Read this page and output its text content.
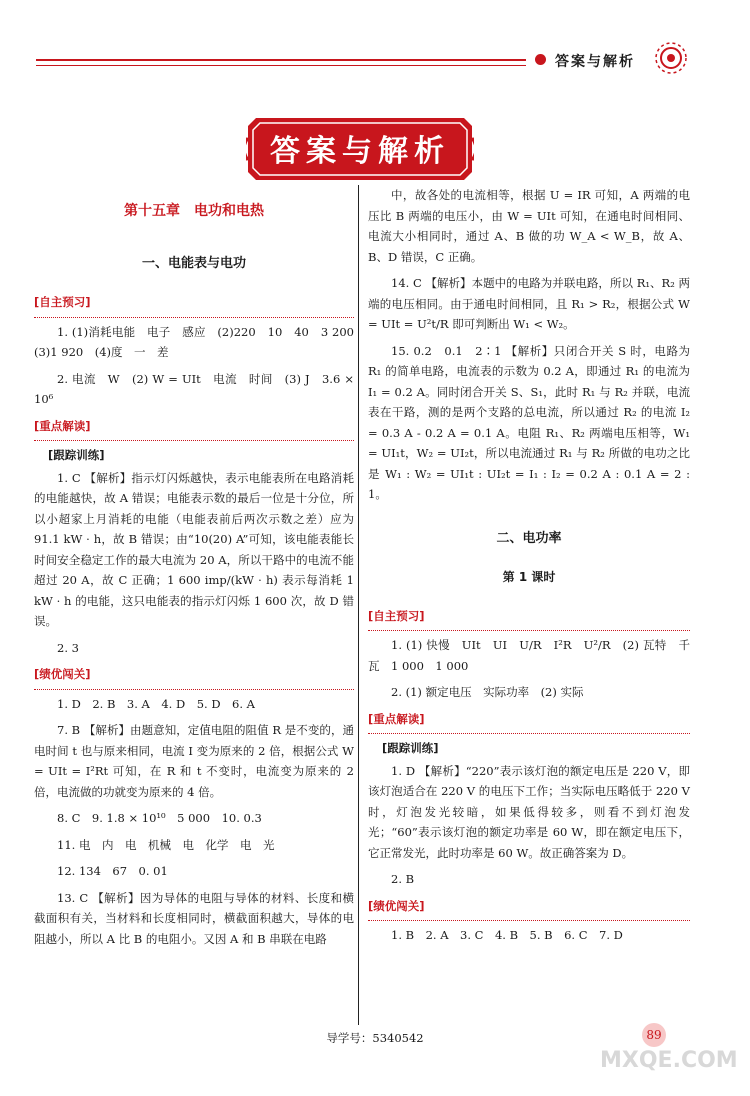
答案与解析
答案与解析
第十五章　电功和电热
一、电能表与电功
[ 自主预习 ]

1. (1)消耗电能　电子　感应　(2)220　10　40　3 200　(3)1 920　(4)度　一　差

2. 电流　W　(2) W = UIt　电流　时间　(3) J　3.6 × 10⁶

[ 重点解读 ]
[ 跟踪训练 ]

1. C 【解析】指示灯闪烁越快，表示电能表所在电路消耗的电能越快，故 A 错误；电能表示数的最后一位是十分位，所以小超家上月消耗的电能（电能表前后两次示数之差）应为 91.1 kW · h，故 B 错误；由“10(20) A”可知，该电能表能长时间安全稳定工作的最大电流为 20 A，所以干路中的电流不能超过 20 A，故 C 正确；1 600 imp/(kW · h) 表示每消耗 1 kW · h 的电能，这只电能表的指示灯闪烁 1 600 次，故 D 错误。

2. 3

[ 绩优闯关 ]

1. D　2. B　3. A　4. D　5. D　6. A

7. B 【解析】由题意知，定值电阻的阻值 R 是不变的，通电时间 t 也与原来相同，电流 I 变为原来的 2 倍，根据公式 W = UIt = I²Rt 可知，在 R 和 t 不变时，电流变为原来的 2 倍，电流做的功就变为原来的 4 倍。

8. C　9. 1.8 × 10¹⁰　5 000　10. 0.3

11. 电　内　电　机械　电　化学　电　光

12. 134　67　0. 01

13. C 【解析】因为导体的电阻与导体的材料、长度和横截面积有关，当材料和长度相同时，横截面积越大，导体的电阻越小，所以 A 比 B 的电阻小。又因 A 和 B 串联在电路

中，故各处的电流相等，根据 U = IR 可知，A 两端的电压比 B 两端的电压小，由 W = UIt 可知，在通电时间相同、电流大小相同时，通过 A、B 做的功 W_A < W_B，故 A、B、D 错误，C 正确。

14. C 【解析】本题中的电路为并联电路，所以 R₁、R₂ 两端的电压相同。由于通电时间相同，且 R₁ > R₂，根据公式 W = UIt = U²t/R 即可判断出 W₁ < W₂。

15. 0.2　0.1　2∶1 【解析】只闭合开关 S 时，电路为 R₁ 的简单电路，电流表的示数为 0.2 A，即通过 R₁ 的电流为 I₁ = 0.2 A。同时闭合开关 S、S₁，此时 R₁ 与 R₂ 并联，电流表在干路，测的是两个支路的总电流，所以通过 R₂ 的电流 I₂ = 0.3 A - 0.2 A = 0.1 A。电阻 R₁、R₂ 两端电压相等，W₁ = UI₁t，W₂ = UI₂t，所以电流通过 R₁ 与 R₂ 所做的电功之比是 W₁ : W₂ = UI₁t : UI₂t = I₁ : I₂ = 0.2 A : 0.1 A = 2 : 1。

二、电功率
第 1 课时
[ 自主预习 ]

1. (1) 快慢　UIt　UI　U/R　I²R　U²/R　(2) 瓦特　千瓦　1 000　1 000

2. (1) 额定电压　实际功率　(2) 实际

[ 重点解读 ]
[ 跟踪训练 ]

1. D 【解析】“220”表示该灯泡的额定电压是 220 V，即该灯泡适合在 220 V 的电压下工作；当实际电压略低于 220 V 时，灯泡发光较暗，如果低得较多，则看不到灯泡发光；“60”表示该灯泡的额定功率是 60 W，即在额定电压下，它正常发光，此时功率是 60 W。故正确答案为 D。

2. B

[ 绩优闯关 ]

1. B　2. A　3. C　4. B　5. B　6. C　7. D

导学号：5340542	89
MXQE.COM
